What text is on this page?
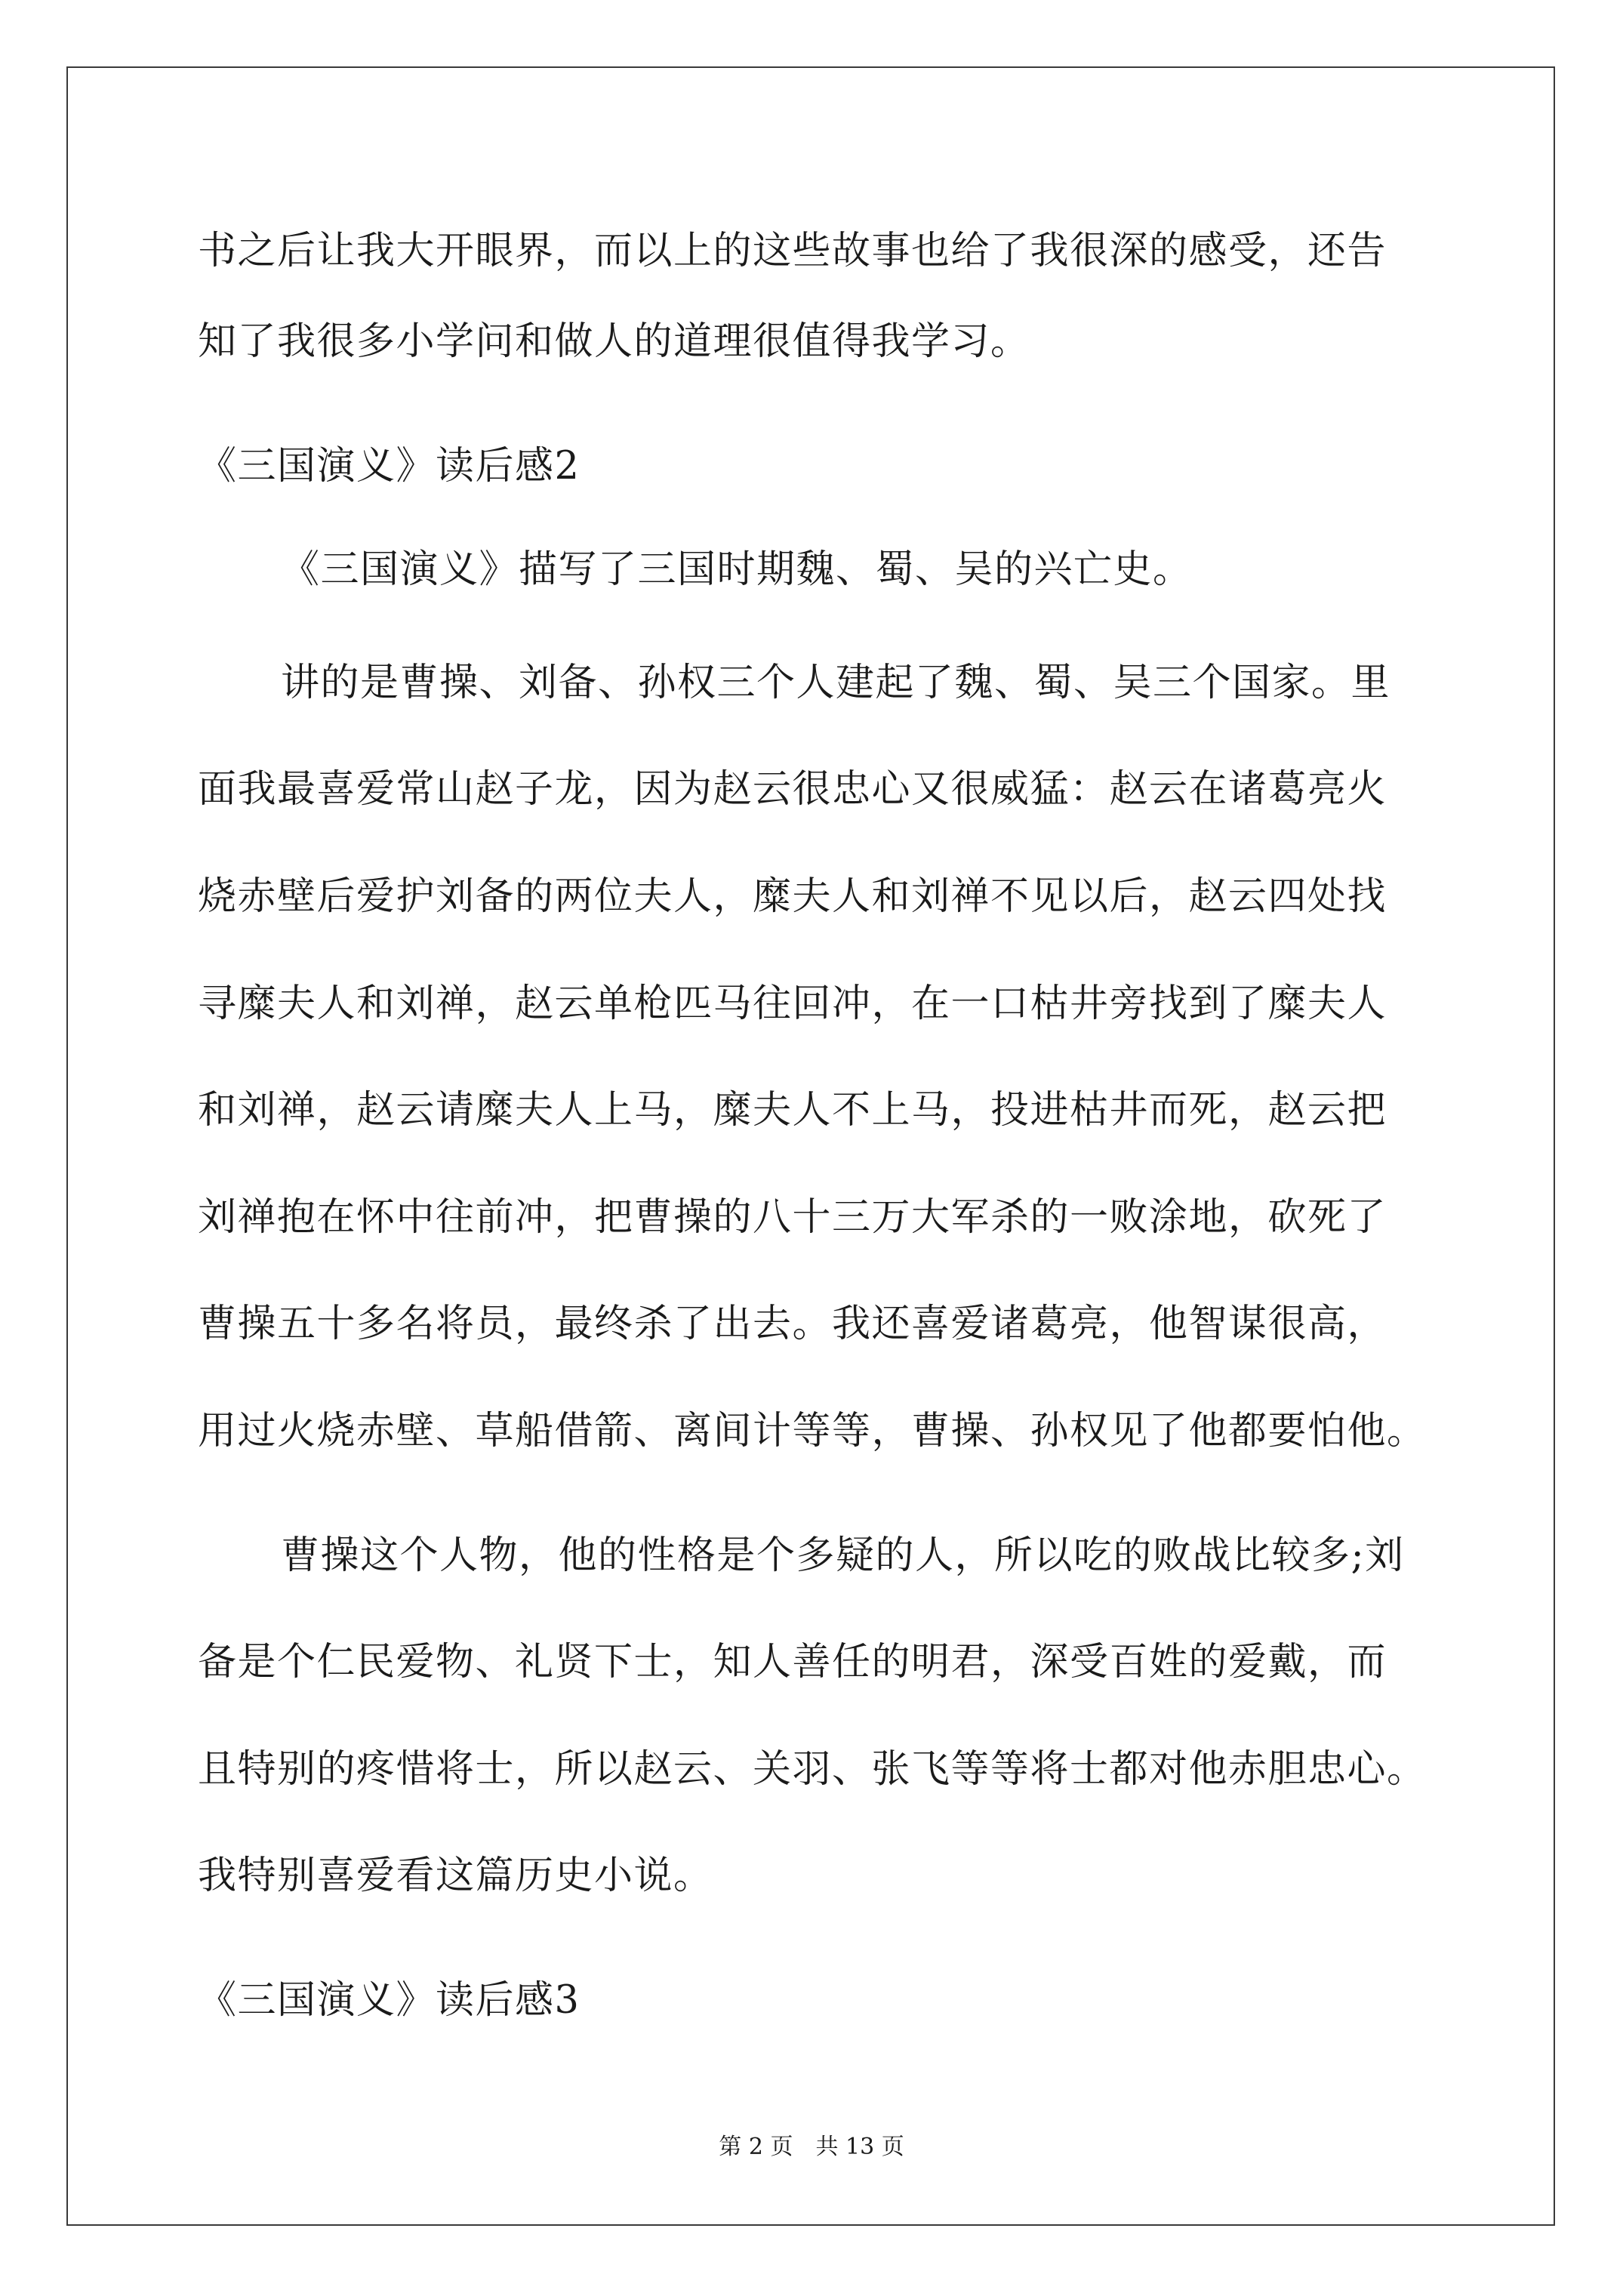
书之后让我大开眼界，而以上的这些故事也给了我很深的感受，还告
知了我很多小学问和做人的道理很值得我学习。
《三国演义》读后感2
《三国演义》描写了三国时期魏、蜀、吴的兴亡史。
讲的是曹操、刘备、孙权三个人建起了魏、蜀、吴三个国家。里
面我最喜爱常山赵子龙，因为赵云很忠心又很威猛：赵云在诸葛亮火
烧赤壁后爱护刘备的两位夫人，糜夫人和刘禅不见以后，赵云四处找
寻糜夫人和刘禅，赵云单枪匹马往回冲，在一口枯井旁找到了糜夫人
和刘禅，赵云请糜夫人上马，糜夫人不上马，投进枯井而死，赵云把
刘禅抱在怀中往前冲，把曹操的八十三万大军杀的一败涂地，砍死了
曹操五十多名将员，最终杀了出去。我还喜爱诸葛亮，他智谋很高，
用过火烧赤壁、草船借箭、离间计等等，曹操、孙权见了他都要怕他。
曹操这个人物，他的性格是个多疑的人，所以吃的败战比较多;刘
备是个仁民爱物、礼贤下士，知人善任的明君，深受百姓的爱戴，而
且特别的疼惜将士，所以赵云、关羽、张飞等等将士都对他赤胆忠心。
我特别喜爱看这篇历史小说。
《三国演义》读后感3
第 2 页　共 13 页
